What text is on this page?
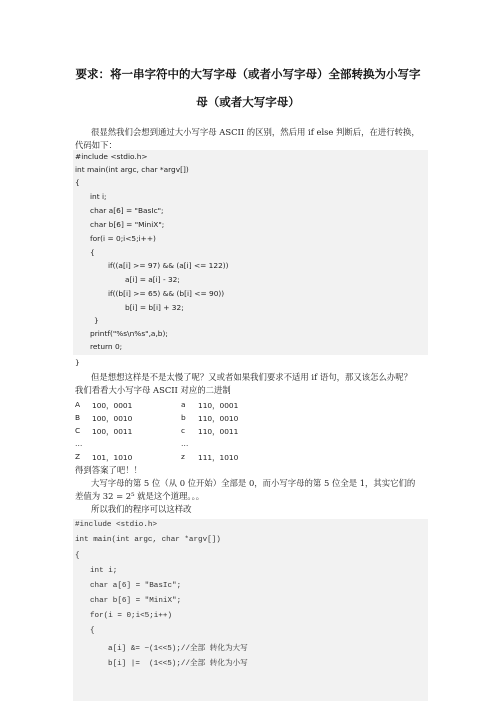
要求：将一串字符中的大写字母（或者小写字母）全部转换为小写字
母（或者大写字母）
很显然我们会想到通过大小写字母 ASCII 的区别，然后用 if else 判断后，在进行转换，
代码如下：
#include <stdio.h>
int main(int argc, char *argv[])
{
int i;
char a[6] = "BasIc";
char b[6] = "MiniX";
for(i = 0;i<5;i++)
{
if((a[i] >= 97) && (a[i] <= 122))
a[i] = a[i] - 32;
if((b[i] >= 65) && (b[i] <= 90))
b[i] = b[i] + 32;
}
printf("%s\n%s",a,b);
return 0;
}
但是想想这样是不是太慢了呢？又或者如果我们要求不适用 if 语句，那又该怎么办呢？
我们看看大小写字母 ASCII 对应的二进制
A 100，0001	a 110，0001
B 100，0010	b 110，0010
C 100，0011	c 110，0011
…	…
Z 101，1010	z 111，1010
得到答案了吧！！
大写字母的第 5 位（从 0 位开始）全部是 0，而小写字母的第 5 位全是 1，其实它们的
差值为 32 = 2⁵ 就是这个道理。。。
所以我们的程序可以这样改
#include <stdio.h>
int main(int argc, char *argv[])
{
int i;
char a[6] = "BasIc";
char b[6] = "MiniX";
for(i = 0;i<5;i++)
{
a[i] &= ~(1<<5);//全部 转化为大写
b[i] |=  (1<<5);//全部 转化为小写
